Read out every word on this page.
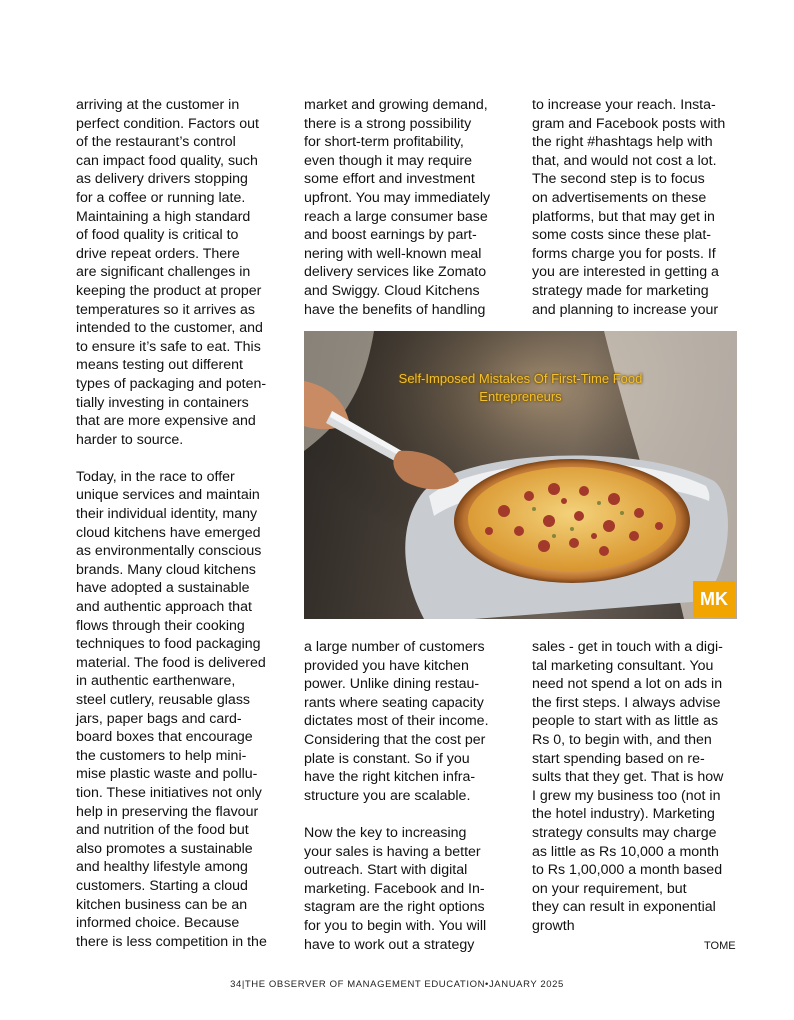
arriving at the customer in
perfect condition. Factors out
of the restaurant’s control
can impact food quality, such
as delivery drivers stopping
for a coffee or running late.
Maintaining a high standard
of food quality is critical to
drive repeat orders. There
are significant challenges in
keeping the product at proper
temperatures so it arrives as
intended to the customer, and
to ensure it’s safe to eat. This
means testing out different
types of packaging and poten-
tially investing in containers
that are more expensive and
harder to source.

Today, in the race to offer
unique services and maintain
their individual identity, many
cloud kitchens have emerged
as environmentally conscious
brands. Many cloud kitchens
have adopted a sustainable
and authentic approach that
flows through their cooking
techniques to food packaging
material. The food is delivered
in authentic earthenware,
steel cutlery, reusable glass
jars, paper bags and card-
board boxes that encourage
the customers to help mini-
mise plastic waste and pollu-
tion. These initiatives not only
help in preserving the flavour
and nutrition of the food but
also promotes a sustainable
and healthy lifestyle among
customers. Starting a cloud
kitchen business can be an
informed choice. Because
there is less competition in the

market and growing demand,
there is a strong possibility
for short-term profitability,
even though it may require
some effort and investment
upfront. You may immediately
reach a large consumer base
and boost earnings by part-
nering with well-known meal
delivery services like Zomato
and Swiggy. Cloud Kitchens
have the benefits of handling

to increase your reach. Insta-
gram and Facebook posts with
the right #hashtags help with
that, and would not cost a lot.
The second step is to focus
on advertisements on these
platforms, but that may get in
some costs since these plat-
forms charge you for posts. If
you are interested in getting a
strategy made for marketing
and planning to increase your

Self-Imposed Mistakes Of First-Time Food
Entrepreneurs
MK

a large number of customers
provided you have kitchen
power. Unlike dining restau-
rants where seating capacity
dictates most of their income.
Considering that the cost per
plate is constant. So if you
have the right kitchen infra-
structure you are scalable.

Now the key to increasing
your sales is having a better
outreach. Start with digital
marketing. Facebook and In-
stagram are the right options
for you to begin with. You will
have to work out a strategy

sales - get in touch with a digi-
tal marketing consultant. You
need not spend a lot on ads in
the first steps. I always advise
people to start with as little as
Rs 0, to begin with, and then
start spending based on re-
sults that they get. That is how
I grew my business too (not in
the hotel industry). Marketing
strategy consults may charge
as little as Rs 10,000 a month
to Rs 1,00,000 a month based
on your requirement, but
they can result in exponential
growth

TOME
34|THE OBSERVER OF MANAGEMENT EDUCATION•JANUARY 2025
